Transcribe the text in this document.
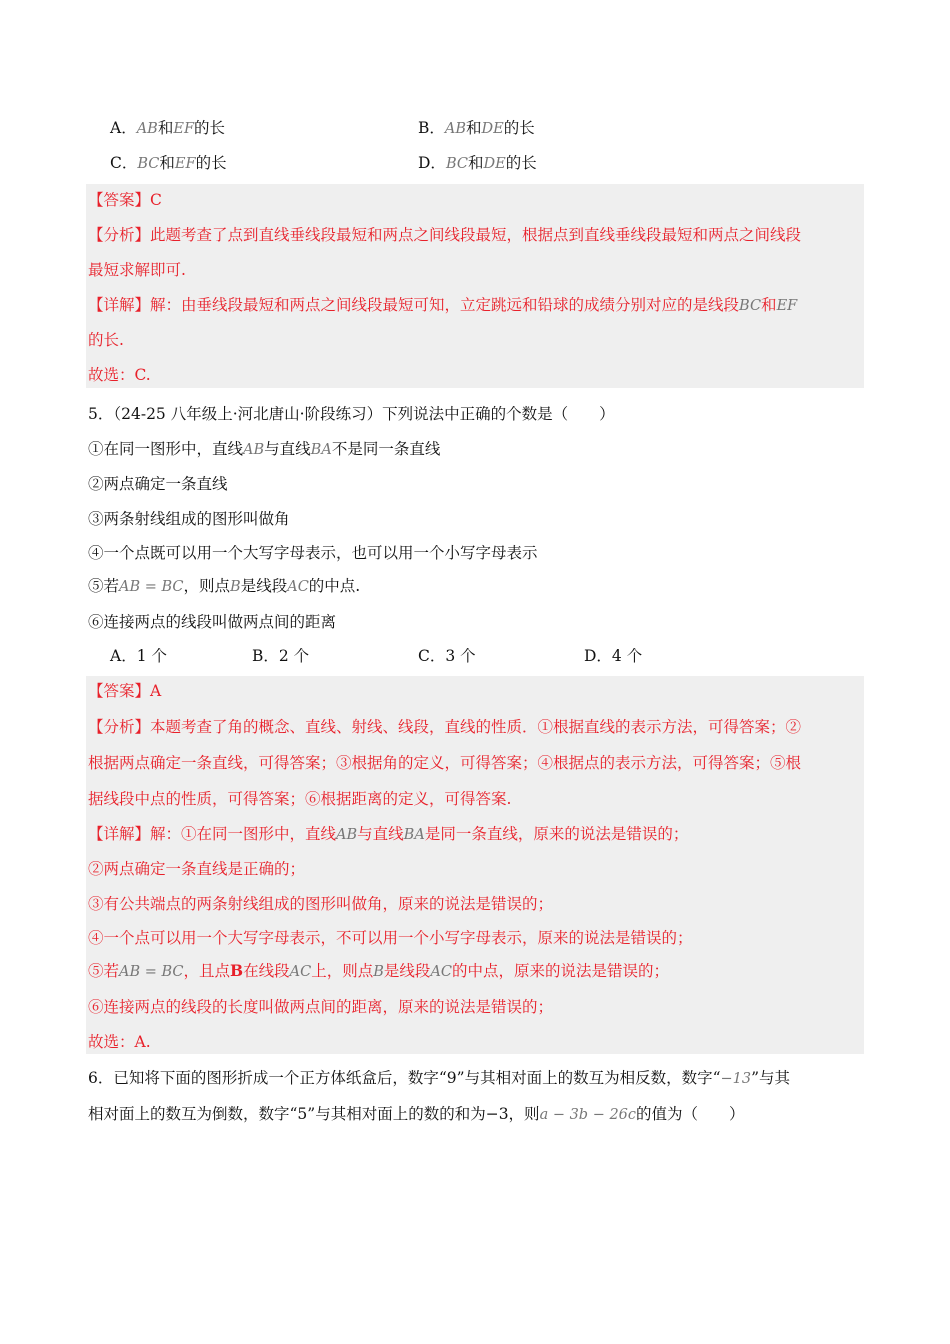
A．AB和EF的长	B．AB和DE的长
C．BC和EF的长	D．BC和DE的长
【答案】C
【分析】此题考查了点到直线垂线段最短和两点之间线段最短，根据点到直线垂线段最短和两点之间线段
最短求解即可.
【详解】解：由垂线段最短和两点之间线段最短可知，立定跳远和铅球的成绩分别对应的是线段BC和EF
的长.
故选：C.
5．（24-25 八年级上·河北唐山·阶段练习）下列说法中正确的个数是（　　）
①在同一图形中，直线AB与直线BA不是同一条直线
②两点确定一条直线
③两条射线组成的图形叫做角
④一个点既可以用一个大写字母表示，也可以用一个小写字母表示
⑤若AB = BC，则点B是线段AC的中点.
⑥连接两点的线段叫做两点间的距离
A．1 个	B．2 个	C．3 个	D．4 个
【答案】A
【分析】本题考查了角的概念、直线、射线、线段，直线的性质．①根据直线的表示方法，可得答案；②
根据两点确定一条直线，可得答案；③根据角的定义，可得答案；④根据点的表示方法，可得答案；⑤根
据线段中点的性质，可得答案；⑥根据距离的定义，可得答案.
【详解】解：①在同一图形中，直线AB与直线BA是同一条直线，原来的说法是错误的；
②两点确定一条直线是正确的；
③有公共端点的两条射线组成的图形叫做角，原来的说法是错误的；
④一个点可以用一个大写字母表示，不可以用一个小写字母表示，原来的说法是错误的；
⑤若AB = BC，且点B在线段AC上，则点B是线段AC的中点，原来的说法是错误的；
⑥连接两点的线段的长度叫做两点间的距离，原来的说法是错误的；
故选：A.
6．已知将下面的图形折成一个正方体纸盒后，数字“9”与其相对面上的数互为相反数，数字“−13”与其
相对面上的数互为倒数，数字“5”与其相对面上的数的和为−3，则a − 3b − 26c的值为（　　）
